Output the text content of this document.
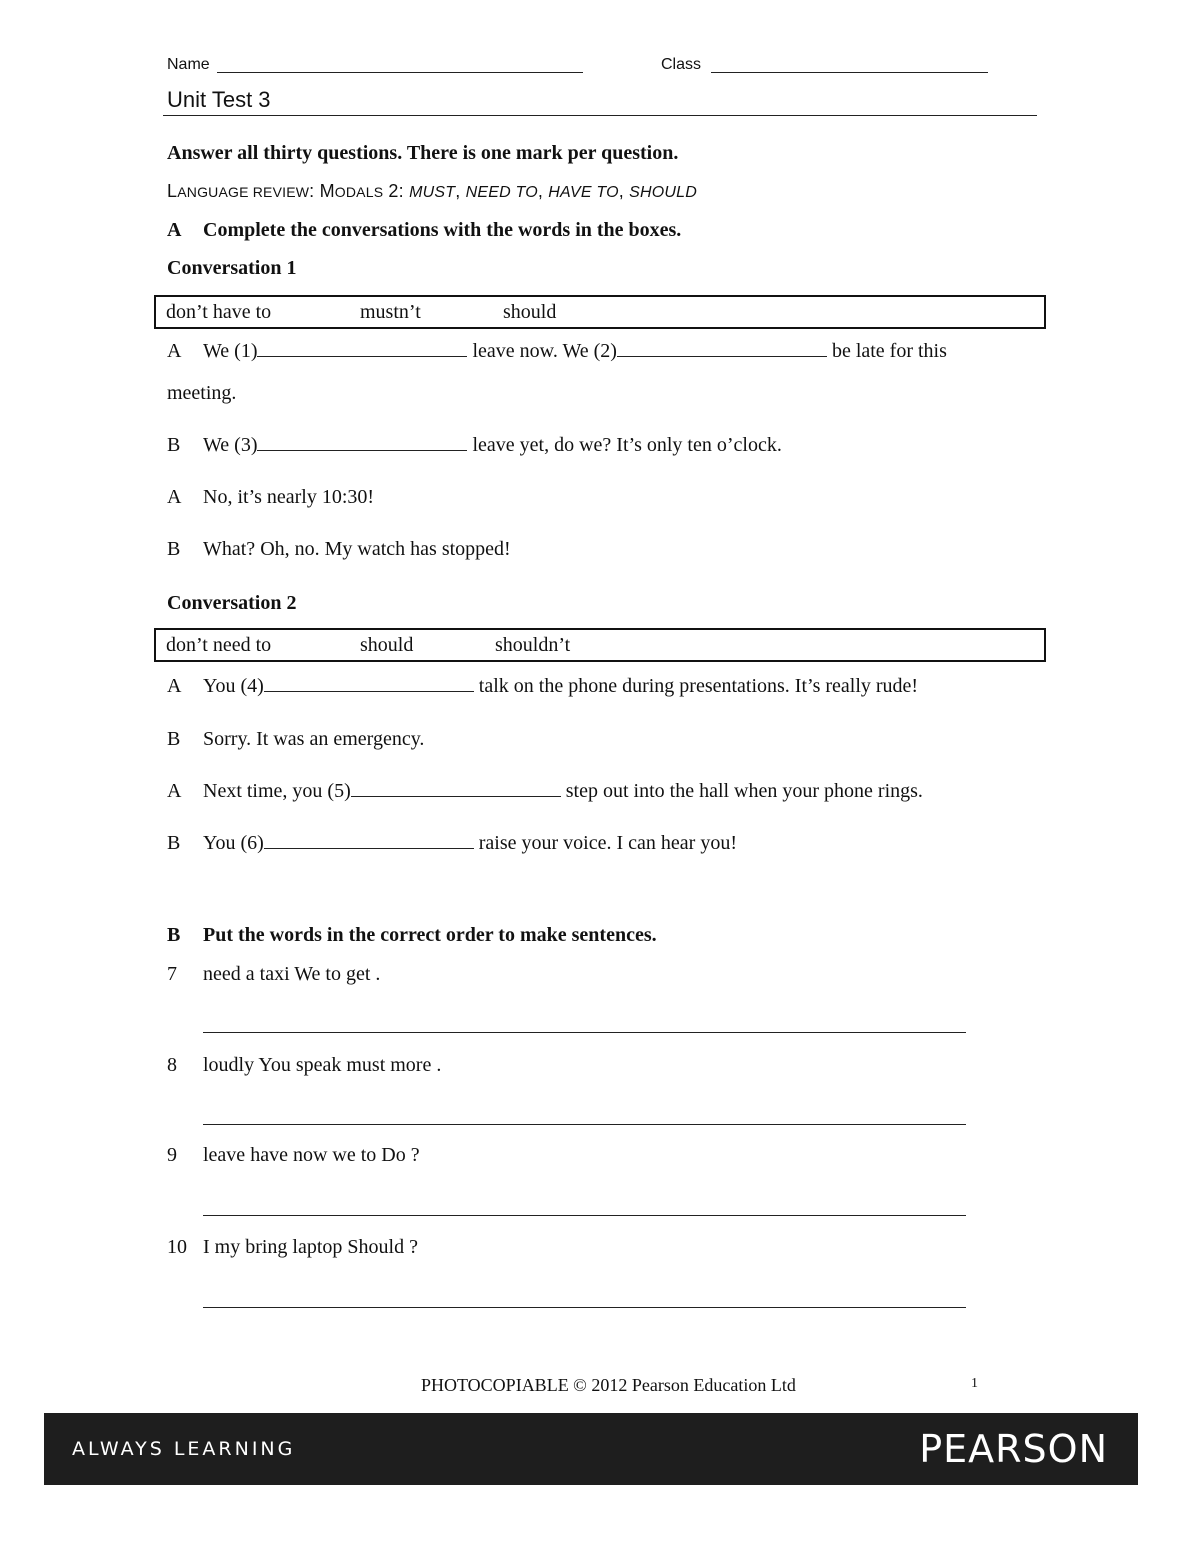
Name	Class
Unit Test 3
Answer all thirty questions. There is one mark per question.
LANGUAGE REVIEW: MODALS 2: MUST, NEED TO, HAVE TO, SHOULD
A Complete the conversations with the words in the boxes.
Conversation 1
don’t have to	mustn’t	should
A We (1)	leave now. We (2)	be late for this
meeting.
B We (3)	leave yet, do we? It’s only ten o’clock.
A No, it’s nearly 10:30!
B What? Oh, no. My watch has stopped!
Conversation 2
don’t need to	should	shouldn’t
A You (4)	talk on the phone during presentations. It’s really rude!
B Sorry. It was an emergency.
A Next time, you (5)	step out into the hall when your phone rings.
B You (6)	raise your voice. I can hear you!
B Put the words in the correct order to make sentences.
7 need a taxi We to get .
8 loudly You speak must more .
9 leave have now we to Do ?
10 I my bring laptop Should ?
PHOTOCOPIABLE © 2012 Pearson Education Ltd	1
ALWAYS LEARNING	PEARSON
